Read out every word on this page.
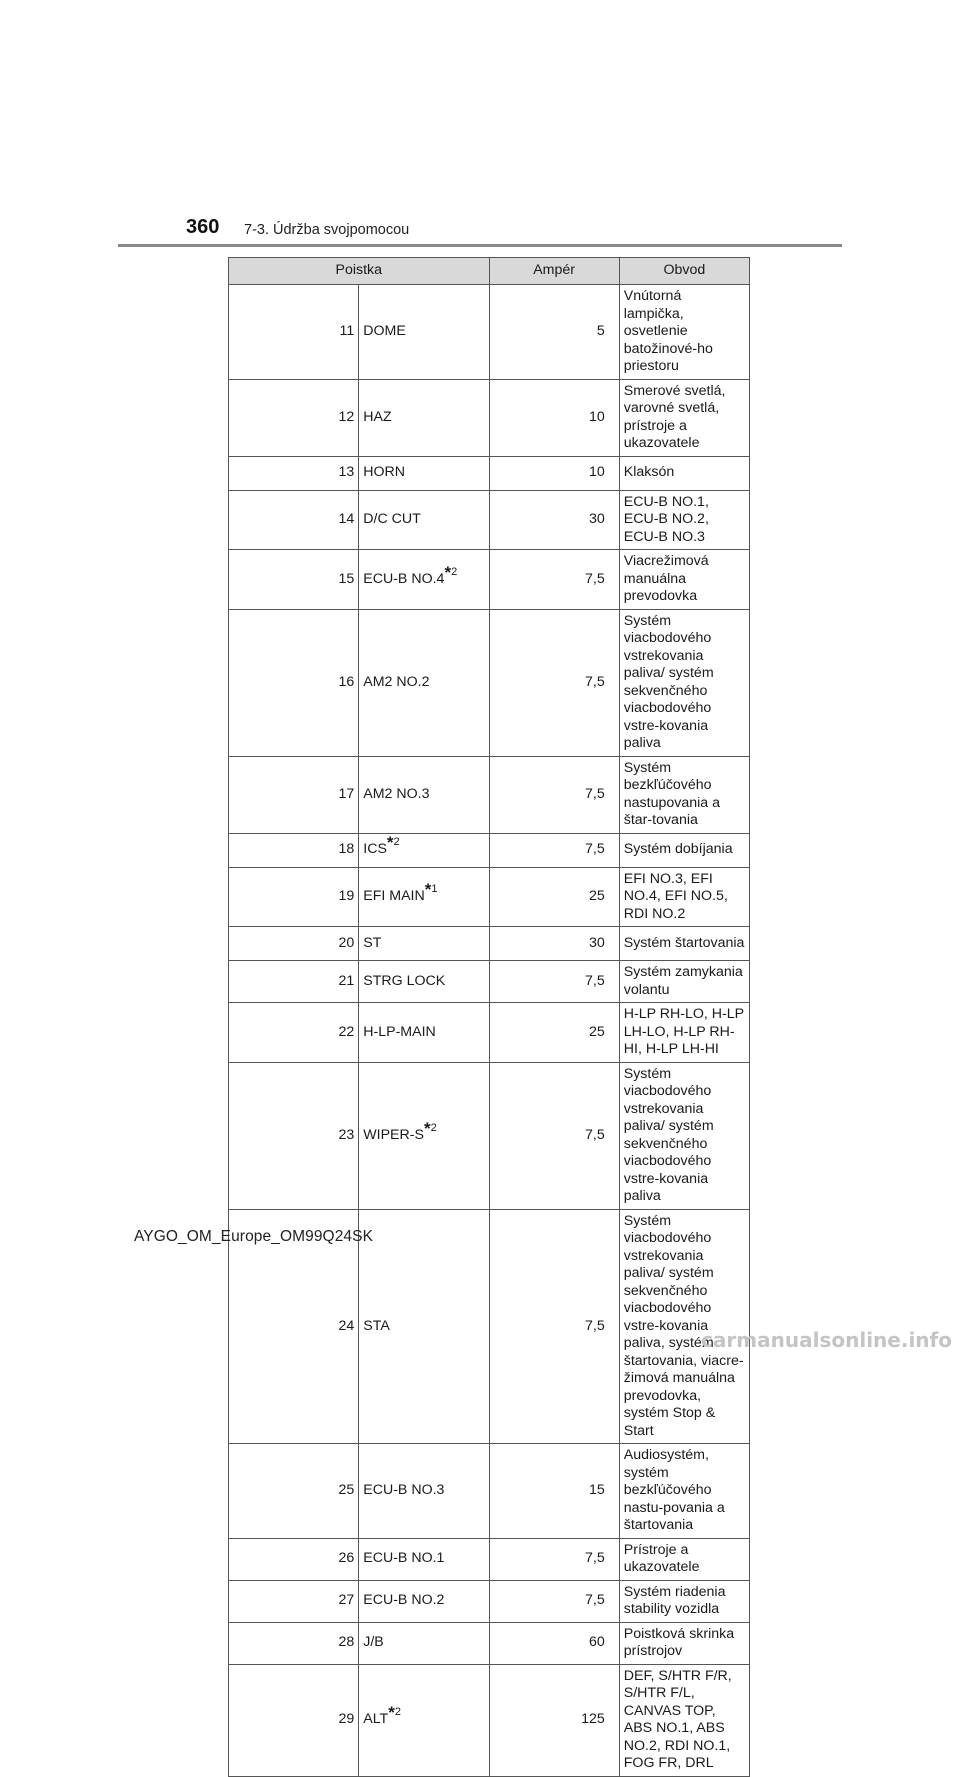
360 7-3. Údržba svojpomocou
Poistka		Ampér	Obvod
11	DOME	5	Vnútorná lampička, osvetlenie batožinové-ho priestoru
12	HAZ	10	Smerové svetlá, varovné svetlá, prístroje a ukazovatele
13	HORN	10	Klaksón
14	D/C CUT	30	ECU-B NO.1, ECU-B NO.2, ECU-B NO.3
15	ECU-B NO.4*$^2$	7,5	Viacrežimová manuálna prevodovka
16	AM2 NO.2	7,5	Systém viacbodového vstrekovania paliva/ systém sekvenčného viacbodového vstre-kovania paliva
17	AM2 NO.3	7,5	Systém bezkľúčového nastupovania a štar-tovania
18	ICS*$^2$	7,5	Systém dobíjania
19	EFI MAIN*$^1$	25	EFI NO.3, EFI NO.4, EFI NO.5, RDI NO.2
20	ST	30	Systém štartovania
21	STRG LOCK	7,5	Systém zamykania volantu
22	H-LP-MAIN	25	H-LP RH-LO, H-LP LH-LO, H-LP RH-HI, H-LP LH-HI
23	WIPER-S*$^2$	7,5	Systém viacbodového vstrekovania paliva/ systém sekvenčného viacbodového vstre-kovania paliva
24	STA	7,5	Systém viacbodového vstrekovania paliva/ systém sekvenčného viacbodového vstre-kovania paliva, systém štartovania, viacre-žimová manuálna prevodovka, systém Stop & Start
25	ECU-B NO.3	15	Audiosystém, systém bezkľúčového nastu-povania a štartovania
26	ECU-B NO.1	7,5	Prístroje a ukazovatele
27	ECU-B NO.2	7,5	Systém riadenia stability vozidla
28	J/B	60	Poistková skrinka prístrojov
29	ALT*$^2$	125	DEF, S/HTR F/R, S/HTR F/L, CANVAS TOP, ABS NO.1, ABS NO.2, RDI NO.1, FOG FR, DRL
AYGO_OM_Europe_OM99Q24SK
carmanualsonline.info
